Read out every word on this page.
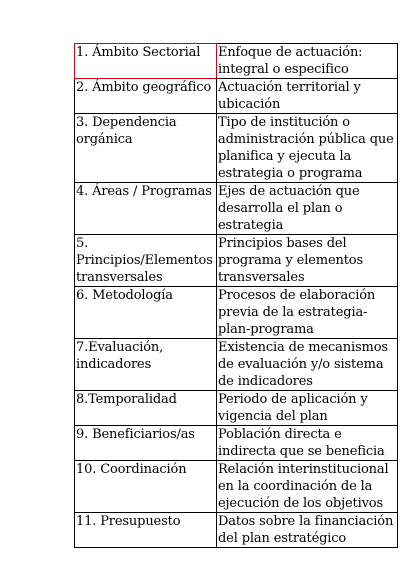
1. Ámbito Sectorial	Enfoque de actuación: integral o especifico

2. Ámbito geográfico	Actuación territorial y ubicación

3. Dependencia orgánica	Tipo de institución o administración pública que planifica y ejecuta la estrategia o programa

4. Áreas / Programas	Ejes de actuación que desarrolla el plan o estrategia

5. Principios/Elementos transversales	Principios bases del programa y elementos transversales

6. Metodología	Procesos de elaboración previa de la estrategia-plan-programa

7.Evaluación, indicadores	Existencia de mecanismos de evaluación y/o sistema de indicadores

8.Temporalidad	Periodo de aplicación y vigencia del plan

9. Beneficiarios/as	Población directa e indirecta que se beneficia

10. Coordinación	Relación interinstitucional en la coordinación de la ejecución de los objetivos

11. Presupuesto	Datos sobre la financiación del plan estratégico
